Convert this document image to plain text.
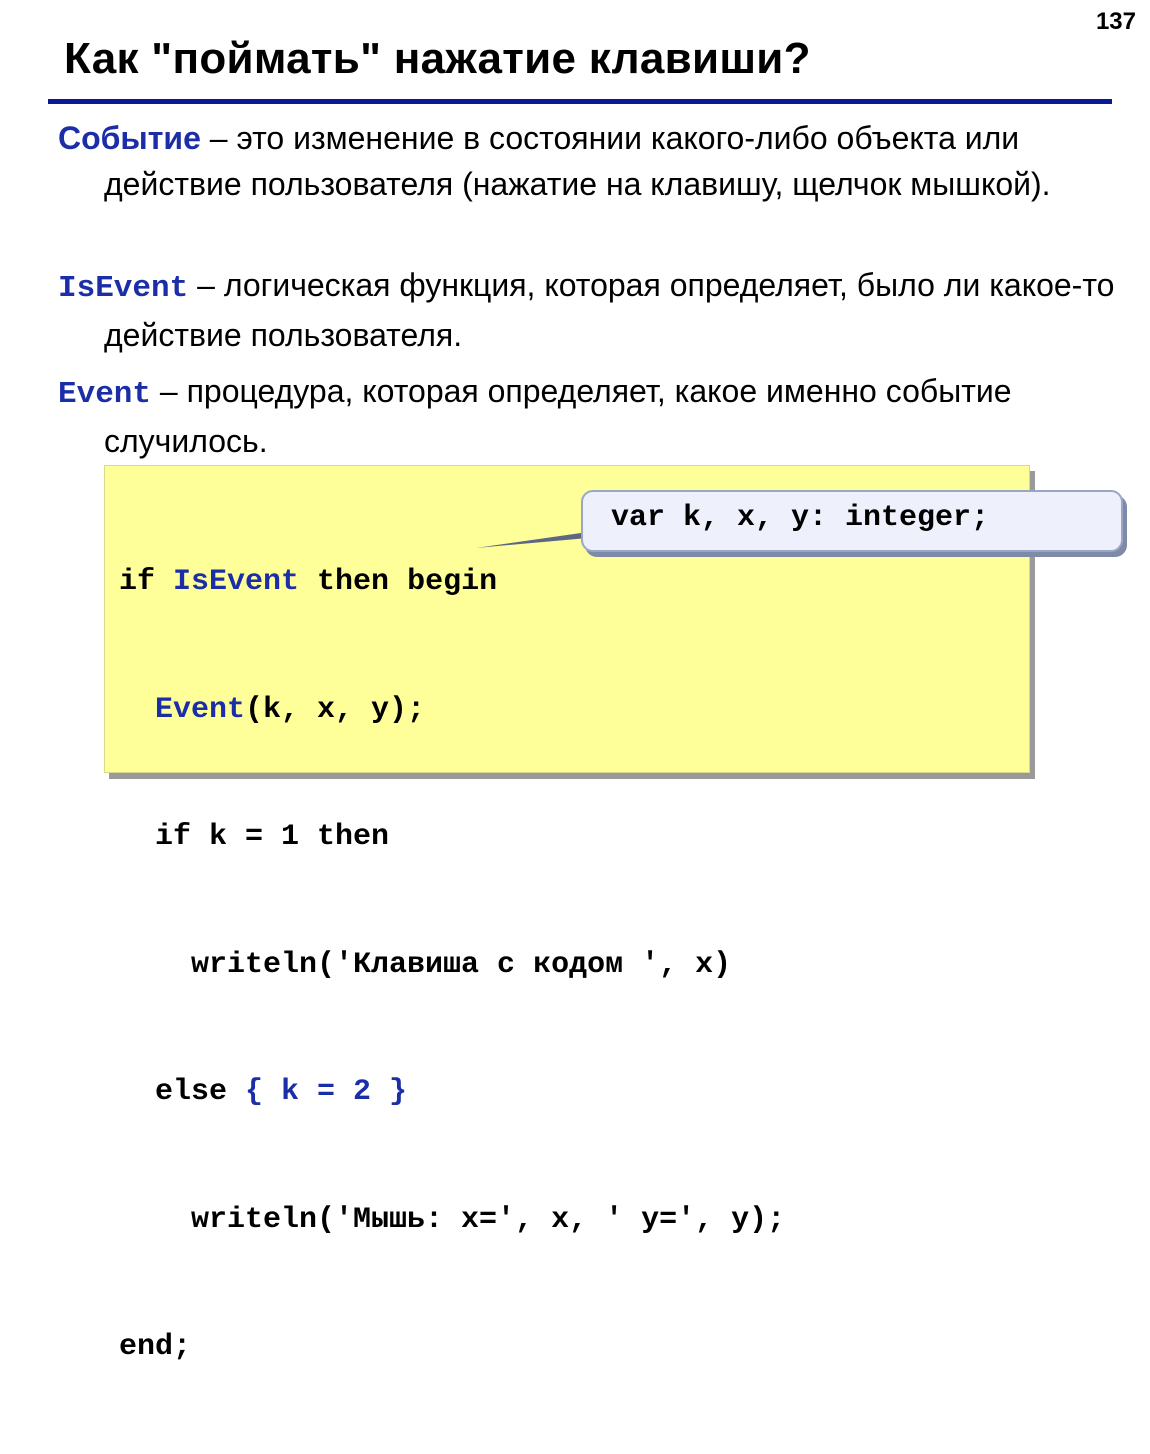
137
Как "поймать" нажатие клавиши?
Событие – это изменение в состоянии какого-либо объекта или действие пользователя (нажатие на клавишу, щелчок мышкой).
IsEvent – логическая функция, которая определяет, было ли какое-то действие пользователя.
Event – процедура, которая определяет, какое именно событие случилось.

if IsEvent then begin

Event(k, x, y);

if k = 1 then

writeln('Клавиша с кодом ', x)

else { k = 2 }

writeln('Мышь: x=', x, ' y=', y);

end;

var k, x, y: integer;
